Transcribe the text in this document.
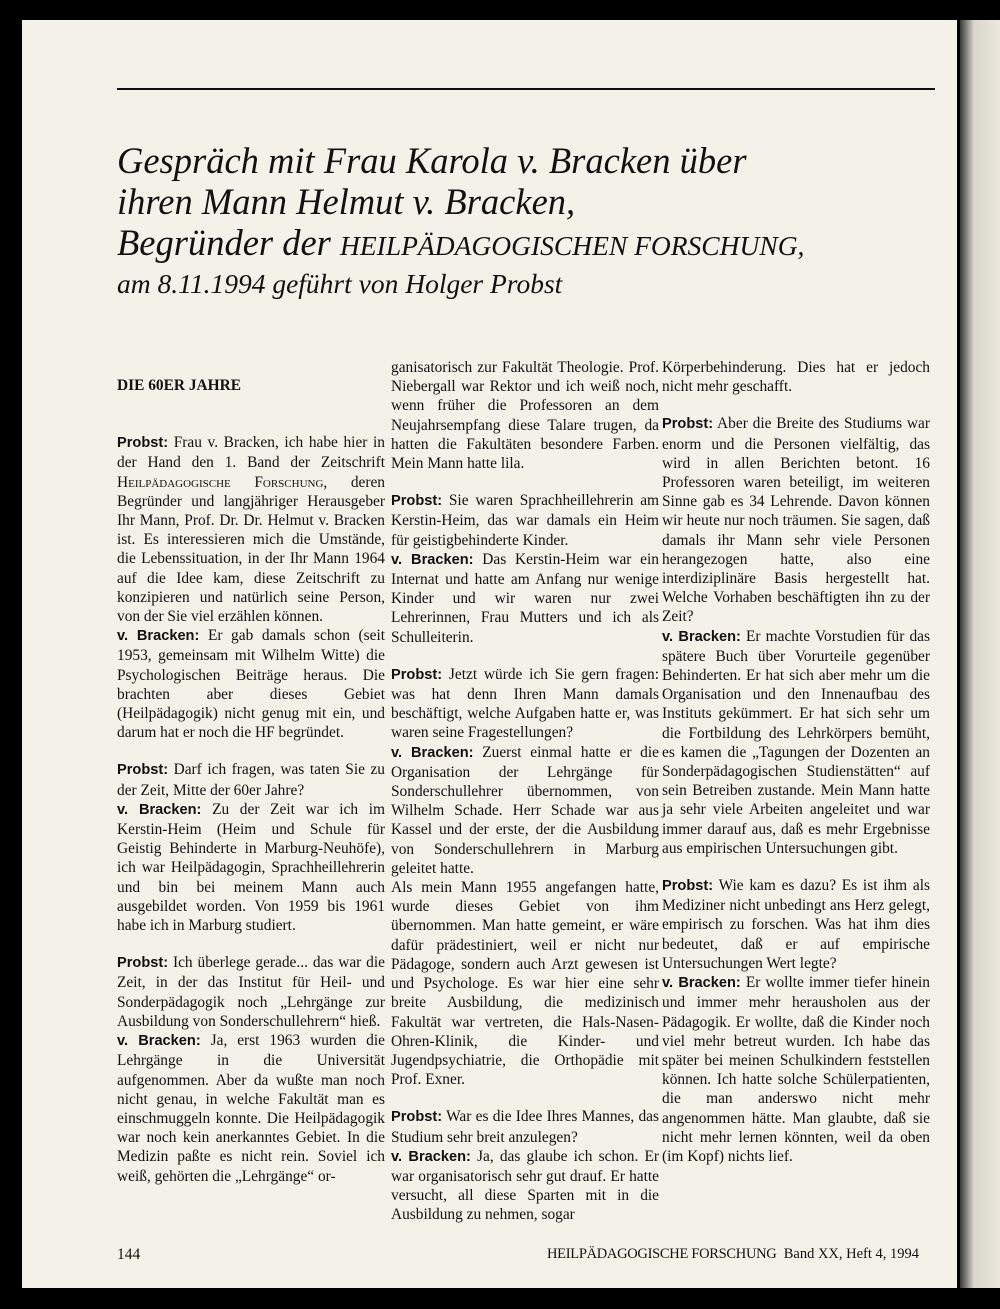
Gespräch mit Frau Karola v. Bracken über
ihren Mann Helmut v. Bracken,
Begründer der HEILPÄDAGOGISCHEN FORSCHUNG,
am 8.11.1994 geführt von Holger Probst

DIE 60ER JAHRE

Probst: Frau v. Bracken, ich habe hier in der Hand den 1. Band der Zeitschrift Heilpädagogische Forschung, deren Begründer und langjähriger Herausgeber Ihr Mann, Prof. Dr. Dr. Helmut v. Bracken ist. Es interessieren mich die Umstände, die Lebenssituation, in der Ihr Mann 1964 auf die Idee kam, diese Zeitschrift zu konzipieren und natürlich seine Person, von der Sie viel erzählen können.

v. Bracken: Er gab damals schon (seit 1953, gemeinsam mit Wilhelm Witte) die Psychologischen Beiträge heraus. Die brachten aber dieses Gebiet (Heilpädagogik) nicht genug mit ein, und darum hat er noch die HF begründet.

Probst: Darf ich fragen, was taten Sie zu der Zeit, Mitte der 60er Jahre?

v. Bracken: Zu der Zeit war ich im Kerstin-Heim (Heim und Schule für Geistig Behinderte in Marburg-Neuhöfe), ich war Heilpädagogin, Sprachheillehrerin und bin bei meinem Mann auch ausgebildet worden. Von 1959 bis 1961 habe ich in Marburg studiert.

Probst: Ich überlege gerade... das war die Zeit, in der das Institut für Heil- und Sonderpädagogik noch „Lehrgänge zur Ausbildung von Sonderschullehrern“ hieß.

v. Bracken: Ja, erst 1963 wurden die Lehrgänge in die Universität aufgenommen. Aber da wußte man noch nicht genau, in welche Fakultät man es einschmuggeln konnte. Die Heilpädagogik war noch kein anerkanntes Gebiet. In die Medizin paßte es nicht rein. Soviel ich weiß, gehörten die „Lehrgänge“ or-

ganisatorisch zur Fakultät Theologie. Prof. Niebergall war Rektor und ich weiß noch, wenn früher die Professoren an dem Neujahrsempfang diese Talare trugen, da hatten die Fakultäten besondere Farben. Mein Mann hatte lila.

Probst: Sie waren Sprachheillehrerin am Kerstin-Heim, das war damals ein Heim für geistigbehinderte Kinder.

v. Bracken: Das Kerstin-Heim war ein Internat und hatte am Anfang nur wenige Kinder und wir waren nur zwei Lehrerinnen, Frau Mutters und ich als Schulleiterin.

Probst: Jetzt würde ich Sie gern fragen: was hat denn Ihren Mann damals beschäftigt, welche Aufgaben hatte er, was waren seine Fragestellungen?

v. Bracken: Zuerst einmal hatte er die Organisation der Lehrgänge für Sonderschullehrer übernommen, von Wilhelm Schade. Herr Schade war aus Kassel und der erste, der die Ausbildung von Sonderschullehrern in Marburg geleitet hatte.

Als mein Mann 1955 angefangen hatte, wurde dieses Gebiet von ihm übernommen. Man hatte gemeint, er wäre dafür prädestiniert, weil er nicht nur Pädagoge, sondern auch Arzt gewesen ist und Psychologe. Es war hier eine sehr breite Ausbildung, die medizinisch Fakultät war vertreten, die Hals-Nasen-Ohren-Klinik, die Kinder- und Jugendpsychiatrie, die Orthopädie mit Prof. Exner.

Probst: War es die Idee Ihres Mannes, das Studium sehr breit anzulegen?

v. Bracken: Ja, das glaube ich schon. Er war organisatorisch sehr gut drauf. Er hatte versucht, all diese Sparten mit in die Ausbildung zu nehmen, sogar

Körperbehinderung. Dies hat er jedoch nicht mehr geschafft.

Probst: Aber die Breite des Studiums war enorm und die Personen vielfältig, das wird in allen Berichten betont. 16 Professoren waren beteiligt, im weiteren Sinne gab es 34 Lehrende. Davon können wir heute nur noch träumen. Sie sagen, daß damals ihr Mann sehr viele Personen herangezogen hatte, also eine interdiziplinäre Basis hergestellt hat. Welche Vorhaben beschäftigten ihn zu der Zeit?

v. Bracken: Er machte Vorstudien für das spätere Buch über Vorurteile gegenüber Behinderten. Er hat sich aber mehr um die Organisation und den Innenaufbau des Instituts gekümmert. Er hat sich sehr um die Fortbildung des Lehrkörpers bemüht, es kamen die „Tagungen der Dozenten an Sonderpädagogischen Studienstätten“ auf sein Betreiben zustande. Mein Mann hatte ja sehr viele Arbeiten angeleitet und war immer darauf aus, daß es mehr Ergebnisse aus empirischen Untersuchungen gibt.

Probst: Wie kam es dazu? Es ist ihm als Mediziner nicht unbedingt ans Herz gelegt, empirisch zu forschen. Was hat ihm dies bedeutet, daß er auf empirische Untersuchungen Wert legte?

v. Bracken: Er wollte immer tiefer hinein und immer mehr herausholen aus der Pädagogik. Er wollte, daß die Kinder noch viel mehr betreut wurden. Ich habe das später bei meinen Schulkindern feststellen können. Ich hatte solche Schülerpatienten, die man anderswo nicht mehr angenommen hätte. Man glaubte, daß sie nicht mehr lernen könnten, weil da oben (im Kopf) nichts lief.

144	HEILPÄDAGOGISCHE FORSCHUNG Band XX, Heft 4, 1994
